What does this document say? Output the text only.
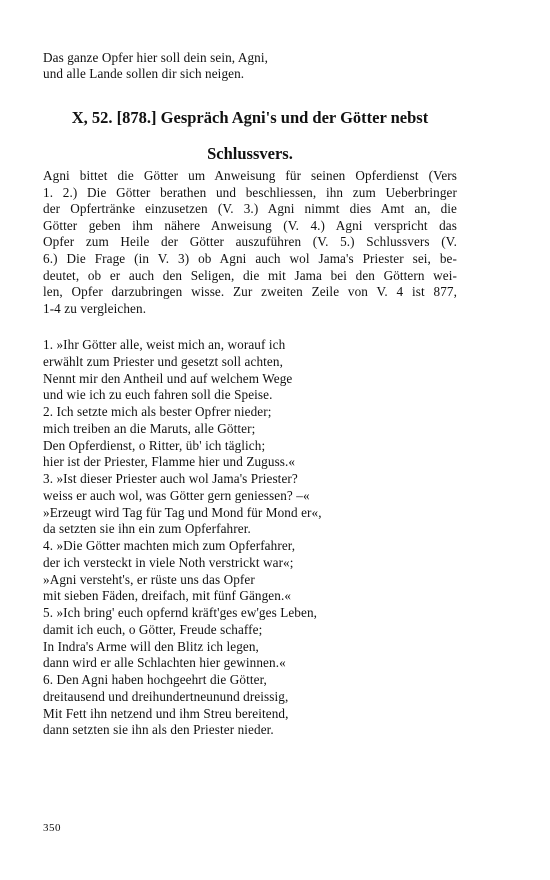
Das ganze Opfer hier soll dein sein, Agni,
und alle Lande sollen dir sich neigen.
X, 52. [878.] Gespräch Agni's und der Götter nebst
Schlussvers.
Agni bittet die Götter um Anweisung für seinen Opferdienst (Vers
1. 2.) Die Götter berathen und beschliessen, ihn zum Ueberbringer
der Opfertränke einzusetzen (V. 3.) Agni nimmt dies Amt an, die
Götter geben ihm nähere Anweisung (V. 4.) Agni verspricht das
Opfer zum Heile der Götter auszuführen (V. 5.) Schlussvers (V.
6.) Die Frage (in V. 3) ob Agni auch wol Jama's Priester sei, be-
deutet, ob er auch den Seligen, die mit Jama bei den Göttern wei-
len, Opfer darzubringen wisse. Zur zweiten Zeile von V. 4 ist 877,
1-4 zu vergleichen.
1. »Ihr Götter alle, weist mich an, worauf ich
erwählt zum Priester und gesetzt soll achten,
Nennt mir den Antheil und auf welchem Wege
und wie ich zu euch fahren soll die Speise.
2. Ich setzte mich als bester Opfrer nieder;
mich treiben an die Maruts, alle Götter;
Den Opferdienst, o Ritter, üb' ich täglich;
hier ist der Priester, Flamme hier und Zuguss.«
3. »Ist dieser Priester auch wol Jama's Priester?
weiss er auch wol, was Götter gern geniessen? –«
»Erzeugt wird Tag für Tag und Mond für Mond er«,
da setzten sie ihn ein zum Opferfahrer.
4. »Die Götter machten mich zum Opferfahrer,
der ich versteckt in viele Noth verstrickt war«;
»Agni versteht's, er rüste uns das Opfer
mit sieben Fäden, dreifach, mit fünf Gängen.«
5. »Ich bring' euch opfernd kräft'ges ew'ges Leben,
damit ich euch, o Götter, Freude schaffe;
In Indra's Arme will den Blitz ich legen,
dann wird er alle Schlachten hier gewinnen.«
6. Den Agni haben hochgeehrt die Götter,
dreitausend und dreihundertneunund dreissig,
Mit Fett ihn netzend und ihm Streu bereitend,
dann setzten sie ihn als den Priester nieder.
350
